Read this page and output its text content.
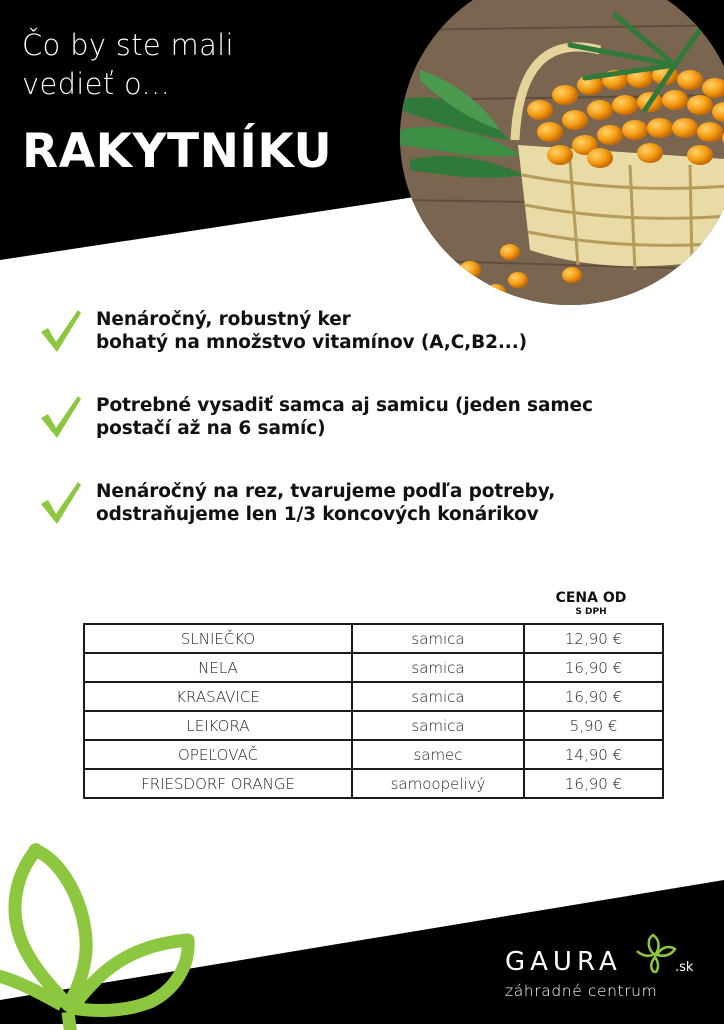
Čo by ste mali
vedieť o...
RAKYTNÍKU
Nenáročný, robustný ker
bohatý na množstvo vitamínov (A,C,B2...)
Potrebné vysadiť samca aj samicu (jeden samec
postačí až na 6 samíc)
Nenáročný na rez, tvarujeme podľa potreby,
odstraňujeme len 1/3 koncových konárikov
CENA OD
S DPH
SLNIEČKO	samica	12,90 €
NELA	samica	16,90 €
KRASAVICE	samica	16,90 €
LEIKORA	samica	5,90 €
OPEĽOVAČ	samec	14,90 €
FRIESDORF ORANGE	samoopelivý	16,90 €
GAURA	.sk
záhradné centrum
